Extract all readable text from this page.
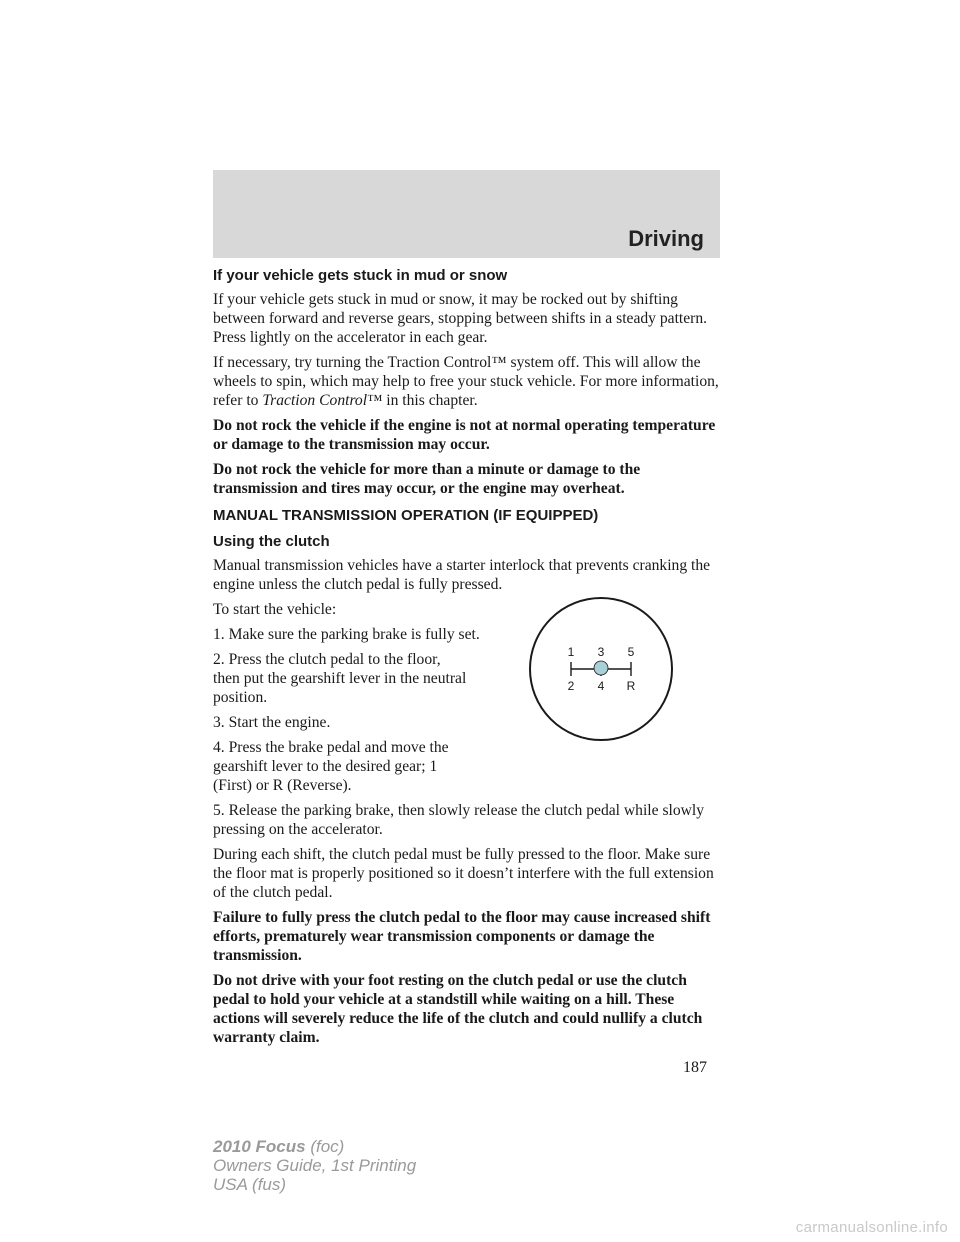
Driving
If your vehicle gets stuck in mud or snow

If your vehicle gets stuck in mud or snow, it may be rocked out by shifting between forward and reverse gears, stopping between shifts in a steady pattern. Press lightly on the accelerator in each gear.

If necessary, try turning the Traction Control™ system off. This will allow the wheels to spin, which may help to free your stuck vehicle. For more information, refer to Traction Control™ in this chapter.

Do not rock the vehicle if the engine is not at normal operating temperature or damage to the transmission may occur.

Do not rock the vehicle for more than a minute or damage to the transmission and tires may occur, or the engine may overheat.

MANUAL TRANSMISSION OPERATION (IF EQUIPPED)
Using the clutch

Manual transmission vehicles have a starter interlock that prevents cranking the engine unless the clutch pedal is fully pressed.

To start the vehicle:

1. Make sure the parking brake is fully set.

2. Press the clutch pedal to the floor, then put the gearshift lever in the neutral position.

3. Start the engine.

4. Press the brake pedal and move the gearshift lever to the desired gear; 1 (First) or R (Reverse).

5. Release the parking brake, then slowly release the clutch pedal while slowly pressing on the accelerator.

During each shift, the clutch pedal must be fully pressed to the floor. Make sure the floor mat is properly positioned so it doesn’t interfere with the full extension of the clutch pedal.

Failure to fully press the clutch pedal to the floor may cause increased shift efforts, prematurely wear transmission components or damage the transmission.

Do not drive with your foot resting on the clutch pedal or use the clutch pedal to hold your vehicle at a standstill while waiting on a hill. These actions will severely reduce the life of the clutch and could nullify a clutch warranty claim.

1 3 5
2 4 R
187
2010 Focus (foc)
Owners Guide, 1st Printing
USA (fus)
carmanualsonline.info
